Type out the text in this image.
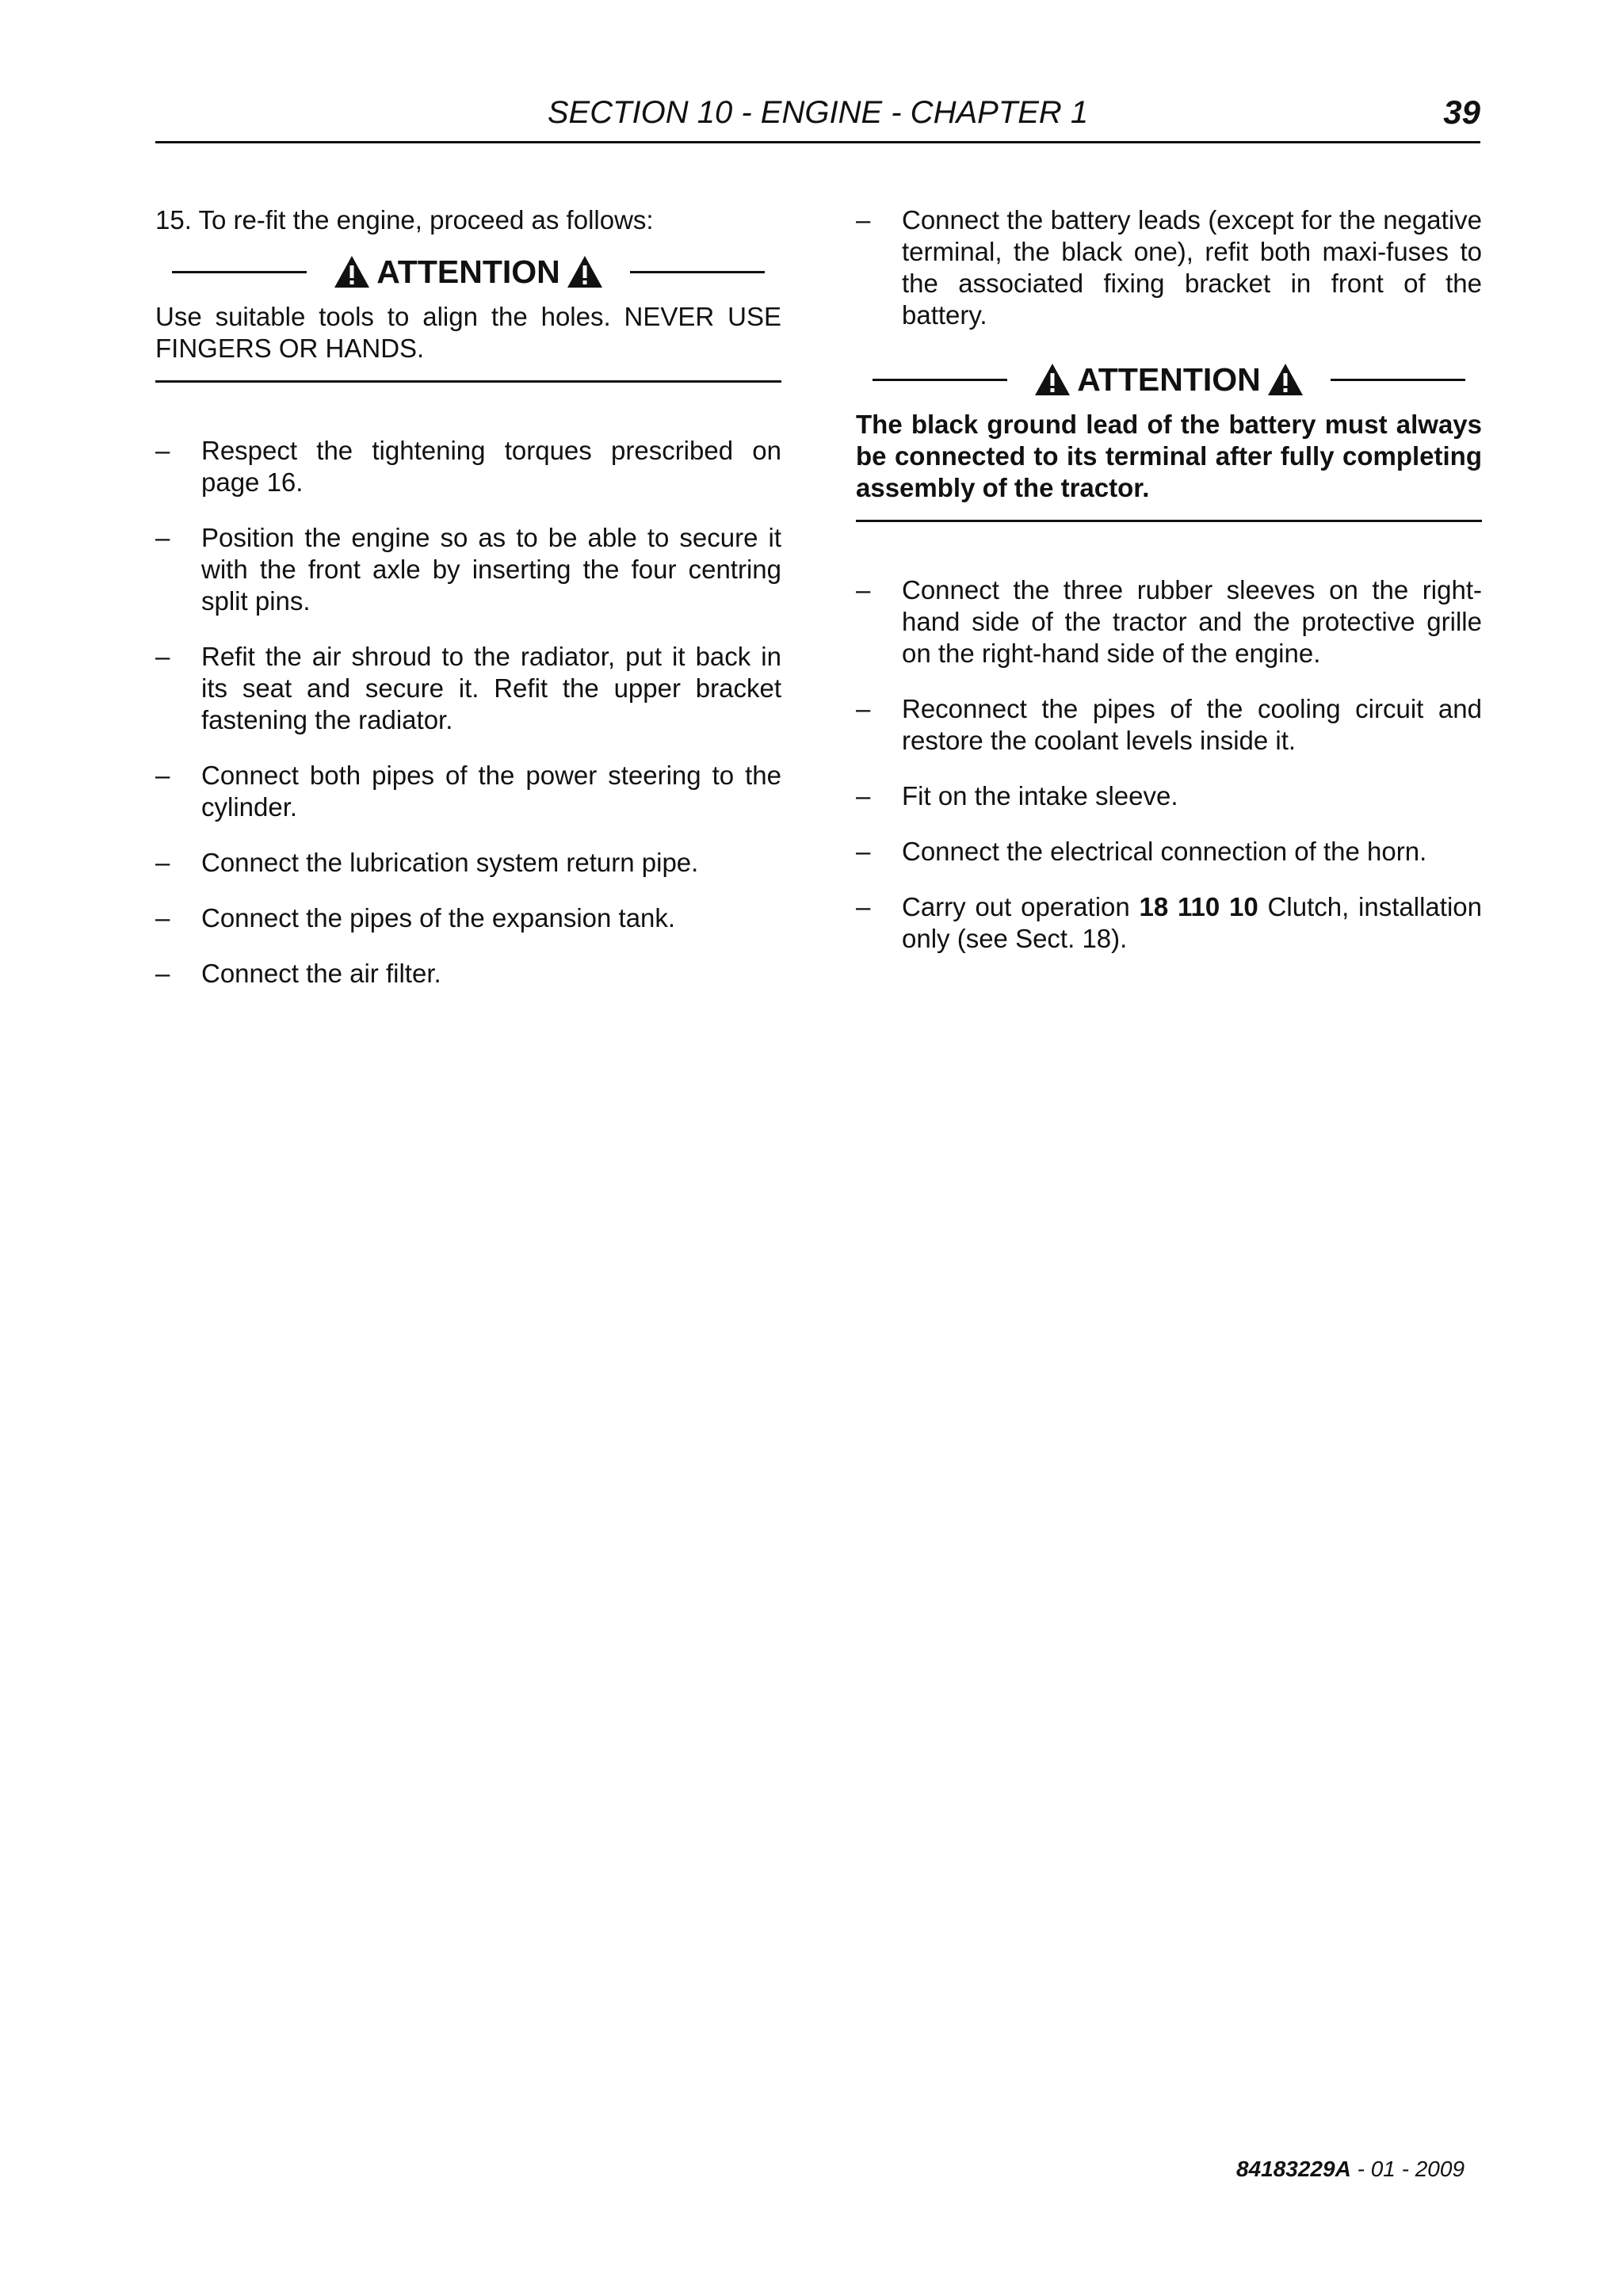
SECTION 10 - ENGINE - CHAPTER 1	39

15. To re-fit the engine, proceed as follows:

ATTENTION

Use suitable tools to align the holes. NEVER USE FINGERS OR HANDS.

– Respect the tightening torques prescribed on page 16.
– Position the engine so as to be able to secure it with the front axle by inserting the four centring split pins.
– Refit the air shroud to the radiator, put it back in its seat and secure it. Refit the upper bracket fastening the radiator.
– Connect both pipes of the power steering to the cylinder.
– Connect the lubrication system return pipe.
– Connect the pipes of the expansion tank.
– Connect the air filter.
– Connect the battery leads (except for the negative terminal, the black one), refit both maxi-fuses to the associated fixing bracket in front of the battery.
ATTENTION

The black ground lead of the battery must always be connected to its terminal after fully completing assembly of the tractor.

– Connect the three rubber sleeves on the right-hand side of the tractor and the protective grille on the right-hand side of the engine.
– Reconnect the pipes of the cooling circuit and restore the coolant levels inside it.
– Fit on the intake sleeve.
– Connect the electrical connection of the horn.
– Carry out operation 18 110 10 Clutch, installation only (see Sect. 18).
84183229A - 01 - 2009
